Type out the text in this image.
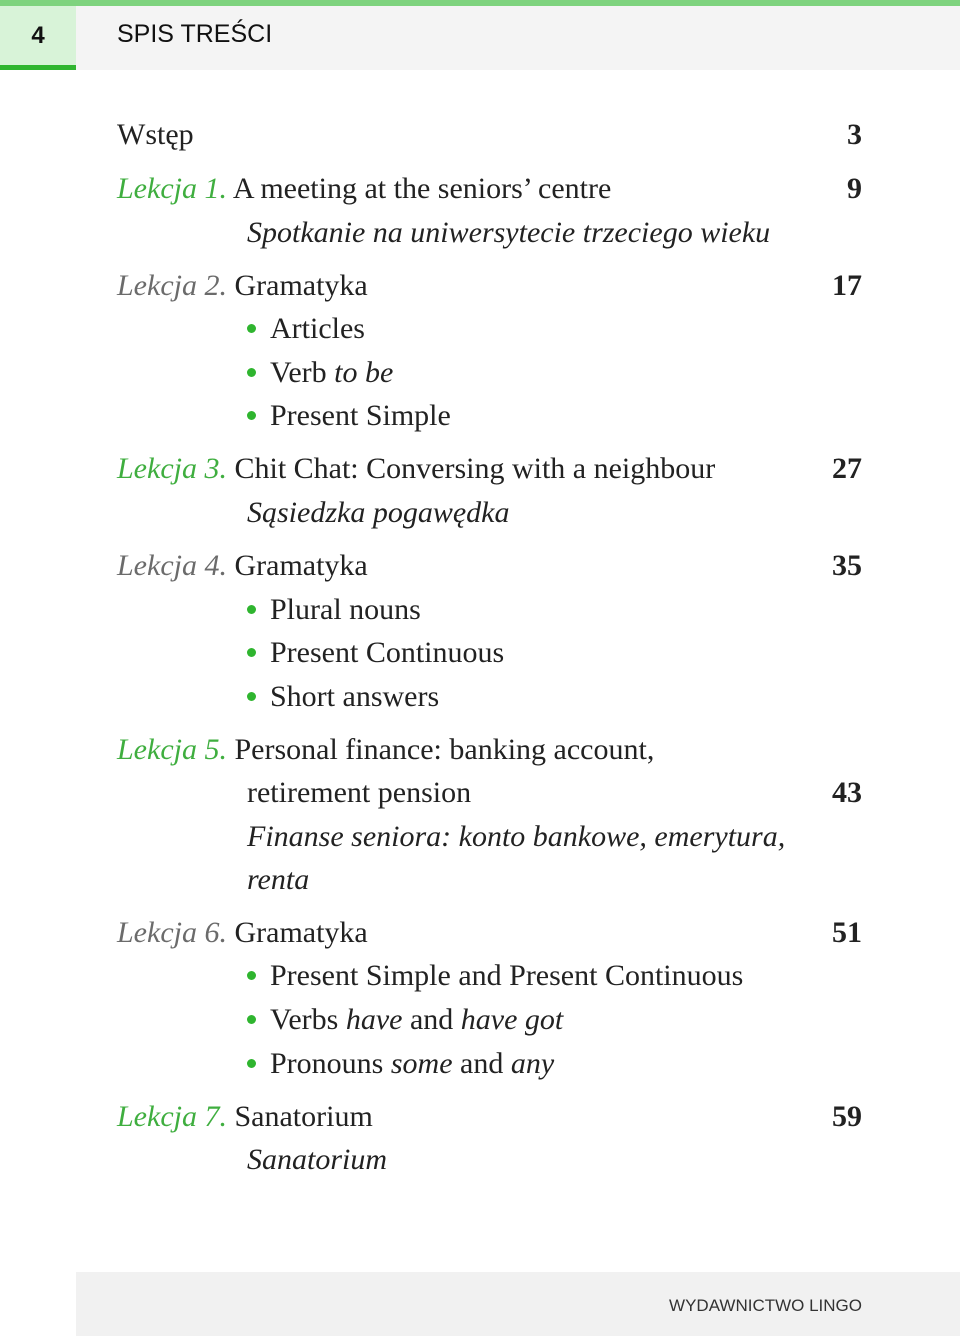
4	SPIS TREŚCI
Wstęp	3
Lekcja 1. A meeting at the seniors’ centre	9
Spotkanie na uniwersytecie trzeciego wieku
Lekcja 2. Gramatyka	17
Articles
Verb to be
Present Simple
Lekcja 3. Chit Chat: Conversing with a neighbour	27
Sąsiedzka pogawędka
Lekcja 4. Gramatyka	35
Plural nouns
Present Continuous
Short answers
Lekcja 5. Personal finance: banking account,
retirement pension	43
Finanse seniora: konto bankowe, emerytura,
renta
Lekcja 6. Gramatyka	51
Present Simple and Present Continuous
Verbs have and have got
Pronouns some and any
Lekcja 7. Sanatorium	59
Sanatorium
WYDAWNICTWO LINGO
